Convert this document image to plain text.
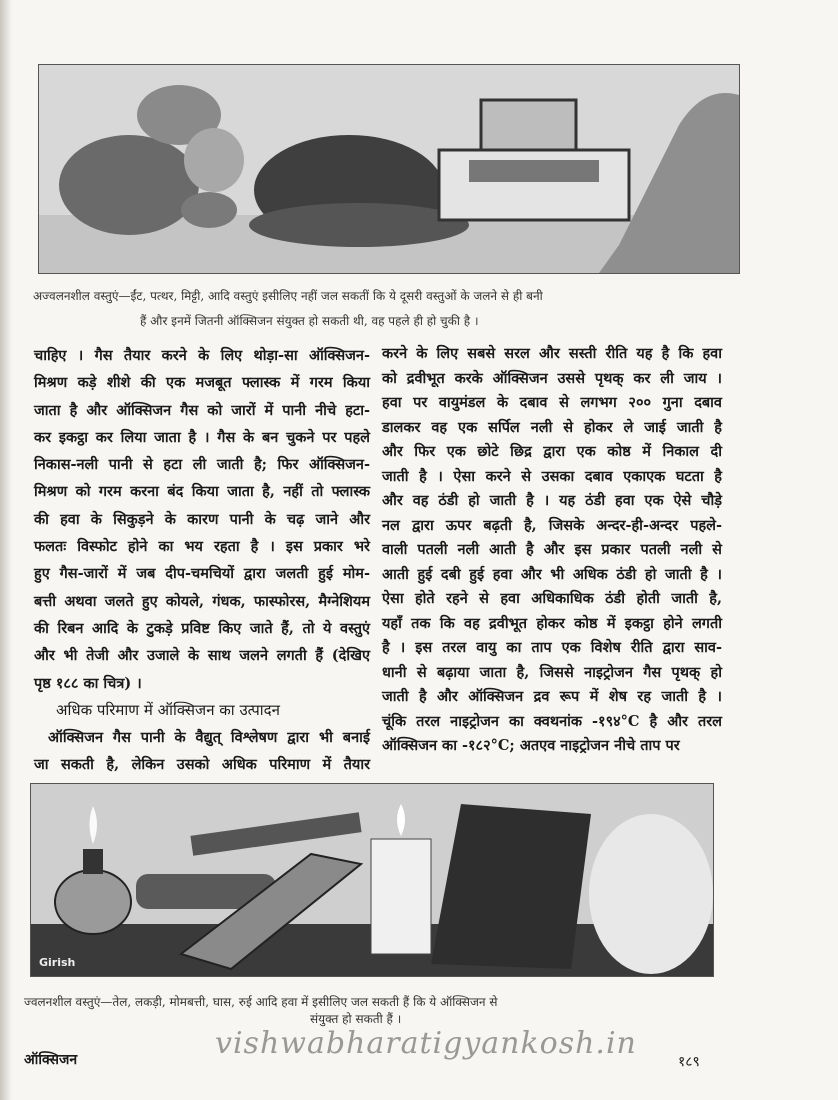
अज्वलनशील वस्तुएं—ईंट, पत्थर, मिट्टी, आदि वस्तुएं इसीलिए नहीं जल सकतीं कि ये दूसरी वस्तुओं के जलने से ही बनी
हैं और इनमें जितनी ऑक्सिजन संयुक्त हो सकती थी, वह पहले ही हो चुकी है ।
चाहिए । गैस तैयार करने के लिए थोड़ा-सा ऑक्सिजन-
मिश्रण कड़े शीशे की एक मजबूत फ्लास्क में गरम किया
जाता है और ऑक्सिजन गैस को जारों में पानी नीचे हटा-
कर इकट्ठा कर लिया जाता है । गैस के बन चुकने पर पहले
निकास-नली पानी से हटा ली जाती है; फिर ऑक्सिजन-
मिश्रण को गरम करना बंद किया जाता है, नहीं तो फ्लास्क
की हवा के सिकुड़ने के कारण पानी के चढ़ जाने और
फलतः विस्फोट होने का भय रहता है । इस प्रकार भरे
हुए गैस-जारों में जब दीप-चमचियों द्वारा जलती हुई मोम-
बत्ती अथवा जलते हुए कोयले, गंधक, फास्फोरस, मैग्नेशियम
की रिबन आदि के टुकड़े प्रविष्ट किए जाते हैं, तो ये वस्तुएं
और भी तेजी और उजाले के साथ जलने लगती हैं (देखिए
पृष्ठ १८८ का चित्र) ।
अधिक परिमाण में ऑक्सिजन का उत्पादन
ऑक्सिजन गैस पानी के वैद्युत् विश्लेषण द्वारा भी बनाई
जा सकती है, लेकिन उसको अधिक परिमाण में तैयार
करने के लिए सबसे सरल और सस्ती रीति यह है कि हवा
को द्रवीभूत करके ऑक्सिजन उससे पृथक् कर ली जाय ।
हवा पर वायुमंडल के दबाव से लगभग २०० गुना दबाव
डालकर वह एक सर्पिल नली से होकर ले जाई जाती है
और फिर एक छोटे छिद्र द्वारा एक कोष्ठ में निकाल दी
जाती है । ऐसा करने से उसका दबाव एकाएक घटता है
और वह ठंडी हो जाती है । यह ठंडी हवा एक ऐसे चौड़े
नल द्वारा ऊपर बढ़ती है, जिसके अन्दर-ही-अन्दर पहले-
वाली पतली नली आती है और इस प्रकार पतली नली से
आती हुई दबी हुई हवा और भी अधिक ठंडी हो जाती है ।
ऐसा होते रहने से हवा अधिकाधिक ठंडी होती जाती है,
यहाँ तक कि वह द्रवीभूत होकर कोष्ठ में इकट्ठा होने लगती
है । इस तरल वायु का ताप एक विशेष रीति द्वारा साव-
धानी से बढ़ाया जाता है, जिससे नाइट्रोजन गैस पृथक् हो
जाती है और ऑक्सिजन द्रव रूप में शेष रह जाती है ।
चूंकि तरल नाइट्रोजन का क्वथनांक -१९४°C है और तरल
ऑक्सिजन का -१८२°C; अतएव नाइट्रोजन नीचे ताप पर
Girish
ज्वलनशील वस्तुएं—तेल, लकड़ी, मोमबत्ती, घास, रुई आदि हवा में इसीलिए जल सकती हैं कि ये ऑक्सिजन से
संयुक्त हो सकती हैं ।
vishwabharatigyankosh.in
ऑक्सिजन	१८९
